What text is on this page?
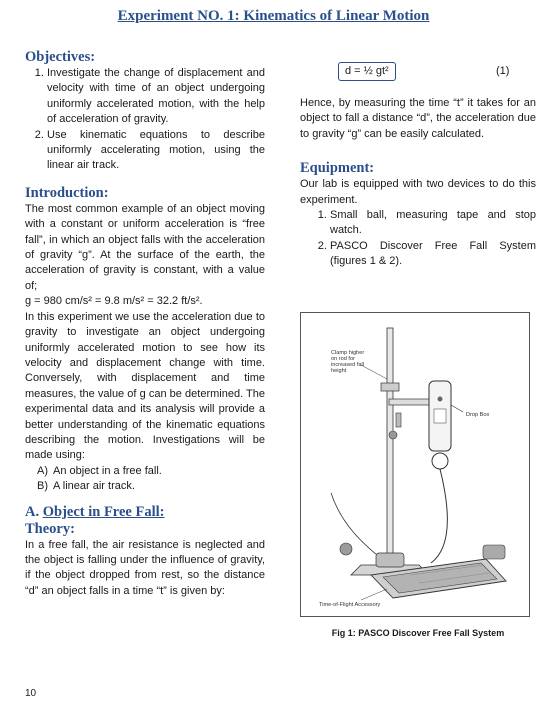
Experiment NO. 1: Kinematics of Linear Motion
Objectives:
1. Investigate the change of displacement and velocity with time of an object undergoing uniformly accelerated motion, with the help of acceleration of gravity.
2. Use kinematic equations to describe uniformly accelerating motion, using the linear air track.
Introduction:

The most common example of an object moving with a constant or uniform acceleration is “free fall”, in which an object falls with the acceleration of gravity “g”. At the surface of the earth, the acceleration of gravity is constant, with a value of;

g = 980 cm/s² = 9.8 m/s² = 32.2 ft/s².

In this experiment we use the acceleration due to gravity to investigate an object undergoing uniformly accelerated motion to see how its velocity and displacement change with time. Conversely, with displacement and time measures, the value of g can be determined. The experimental data and its analysis will provide a better understanding of the kinematic equations describing the motion. Investigations will be made using:

A) An object in a free fall.
B) A linear air track.
A. Object in Free Fall:
Theory:

In a free fall, the air resistance is neglected and the object is falling under the influence of gravity, if the object dropped from rest, so the distance “d” an object falls in a time “t” is given by:

d = ½ gt²	(1)

Hence, by measuring the time “t” it takes for an object to fall a distance “d”, the acceleration due to gravity “g” can be easily calculated.

Equipment:

Our lab is equipped with two devices to do this experiment.

1. Small ball, measuring tape and stop watch.
2. PASCO Discover Free Fall System (figures 1 & 2).
Clamp higher
on rod for
increased fall
height
Drop Box
Time-of-Flight Accessory
Fig 1: PASCO Discover Free Fall System
10
